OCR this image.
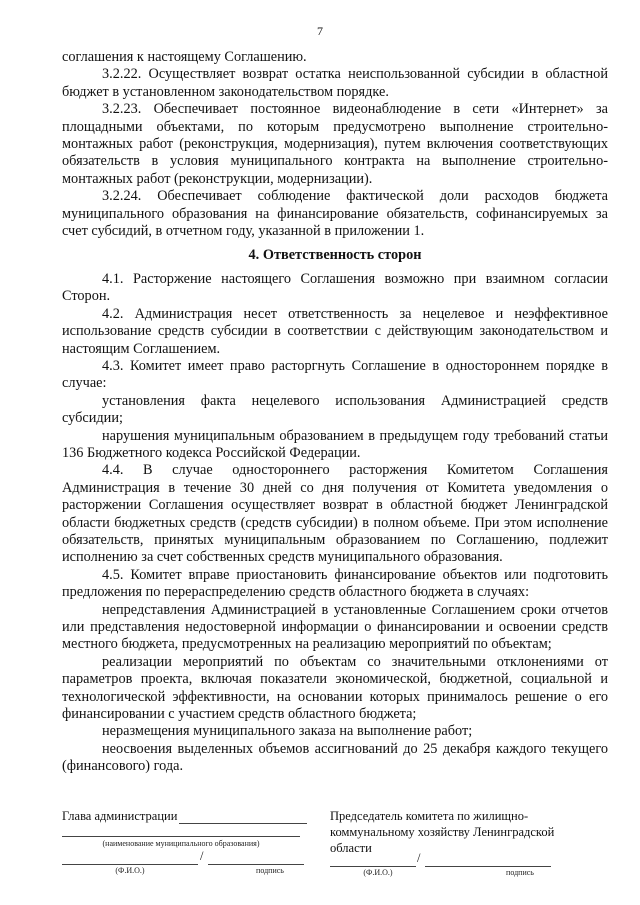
7

соглашения к настоящему Соглашению.

3.2.22. Осуществляет возврат остатка неиспользованной субсидии в областной бюджет в установленном законодательством порядке.

3.2.23. Обеспечивает постоянное видеонаблюдение в сети «Интернет» за площадными объектами, по которым предусмотрено выполнение строительно-монтажных работ (реконструкция, модернизация), путем включения соответствующих обязательств в условия муниципального контракта на выполнение строительно-монтажных работ (реконструкции, модернизации).

3.2.24. Обеспечивает соблюдение фактической доли расходов бюджета муниципального образования на финансирование обязательств, софинансируемых за счет субсидий, в отчетном году, указанной в приложении 1.

4. Ответственность сторон

4.1. Расторжение настоящего Соглашения возможно при взаимном согласии Сторон.

4.2. Администрация несет ответственность за нецелевое и неэффективное использование средств субсидии в соответствии с действующим законодательством и настоящим Соглашением.

4.3. Комитет имеет право расторгнуть Соглашение в одностороннем порядке в случае:

установления факта нецелевого использования Администрацией средств субсидии;

нарушения муниципальным образованием в предыдущем году требований статьи 136 Бюджетного кодекса Российской Федерации.

4.4. В случае одностороннего расторжения Комитетом Соглашения Администрация в течение 30 дней со дня получения от Комитета уведомления о расторжении Соглашения осуществляет возврат в областной бюджет Ленинградской области бюджетных средств (средств субсидии) в полном объеме. При этом исполнение обязательств, принятых муниципальным образованием по Соглашению, подлежит исполнению за счет собственных средств муниципального образования.

4.5. Комитет вправе приостановить финансирование объектов или подготовить предложения по перераспределению средств областного бюджета в случаях:

непредставления Администрацией в установленные Соглашением сроки отчетов или представления недостоверной информации о финансировании и освоении средств местного бюджета, предусмотренных на реализацию мероприятий по объектам;

реализации мероприятий по объектам со значительными отклонениями от параметров проекта, включая показатели экономической, бюджетной, социальной и технологической эффективности, на основании которых принималось решение о его финансировании с участием средств областного бюджета;

неразмещения муниципального заказа на выполнение работ;

неосвоения выделенных объемов ассигнований до 25 декабря каждого текущего (финансового) года.

Глава администрации
(наименование муниципального образования)
/
(Ф.И.О.)	подпись
Председатель комитета по жилищно-
коммунальному хозяйству Ленинградской
области
/
(Ф.И.О.)	подпись
